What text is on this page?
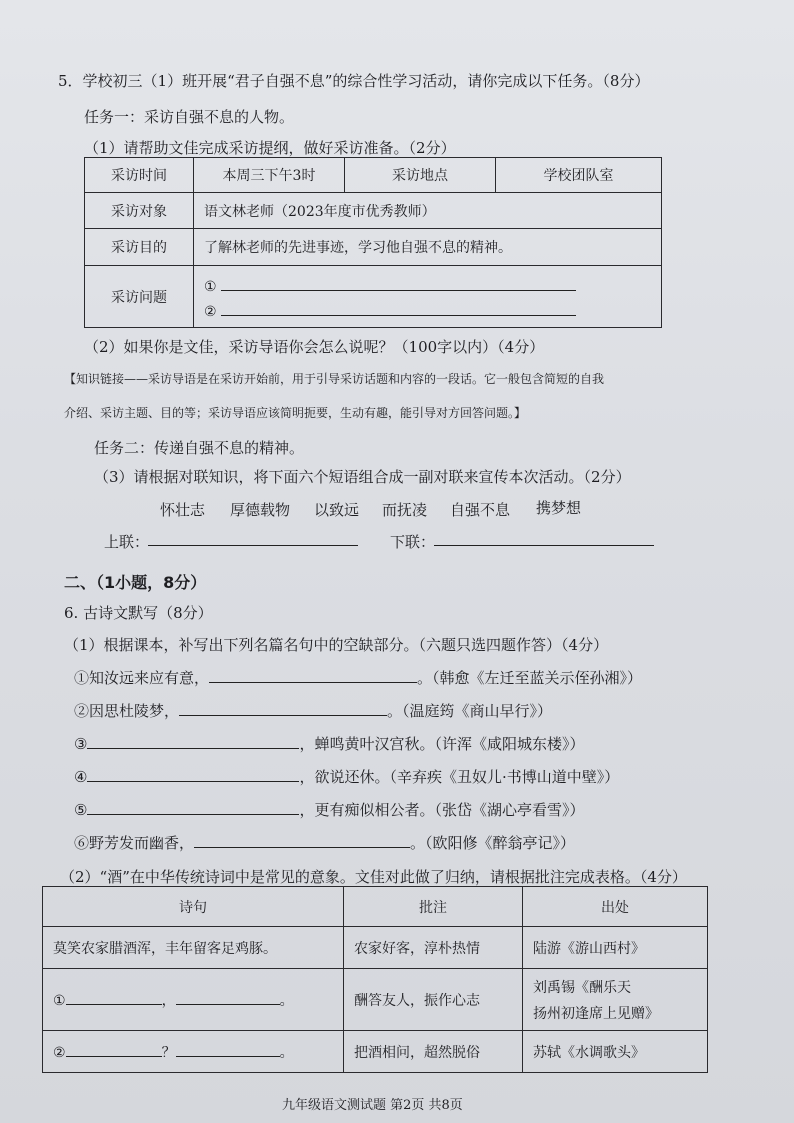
5．学校初三（1）班开展“君子自强不息”的综合性学习活动，请你完成以下任务。（8分）
任务一：采访自强不息的人物。
（1）请帮助文佳完成采访提纲，做好采访准备。（2分）
采访时间	本周三下午3时	采访地点	学校团队室
采访对象	语文林老师（2023年度市优秀教师）		
采访目的	了解林老师的先进事迹，学习他自强不息的精神。		
采访问题	①
②		
（2）如果你是文佳，采访导语你会怎么说呢？（100字以内）（4分）
【知识链接——采访导语是在采访开始前，用于引导采访话题和内容的一段话。它一般包含简短的自我
介绍、采访主题、目的等；采访导语应该简明扼要，生动有趣，能引导对方回答问题。】
任务二：传递自强不息的精神。
（3）请根据对联知识，将下面六个短语组合成一副对联来宣传本次活动。（2分）
怀壮志 厚德载物 以致远 而抚凌 自强不息 携梦想
上联：	下联：
二、（1小题，8分）
6. 古诗文默写（8分）
（1）根据课本，补写出下列名篇名句中的空缺部分。（六题只选四题作答）（4分）
①知汝远来应有意，	。（韩愈《左迁至蓝关示侄孙湘》）
②因思杜陵梦，	。（温庭筠《商山早行》）
③	，蝉鸣黄叶汉宫秋。（许浑《咸阳城东楼》）
④	，欲说还休。（辛弃疾《丑奴儿·书博山道中壁》）
⑤	，更有痴似相公者。（张岱《湖心亭看雪》）
⑥野芳发而幽香，	。（欧阳修《醉翁亭记》）
（2）“酒”在中华传统诗词中是常见的意象。文佳对此做了归纳，请根据批注完成表格。（4分）
诗句	批注	出处
莫笑农家腊酒浑，丰年留客足鸡豚。	农家好客，淳朴热情	陆游《游山西村》
① ， 。	酬答友人，振作心志	刘禹锡《酬乐天
扬州初逢席上见赠》

② ？ 。	把酒相问，超然脱俗	苏轼《水调歌头》
九年级语文测试题 第2页 共8页
